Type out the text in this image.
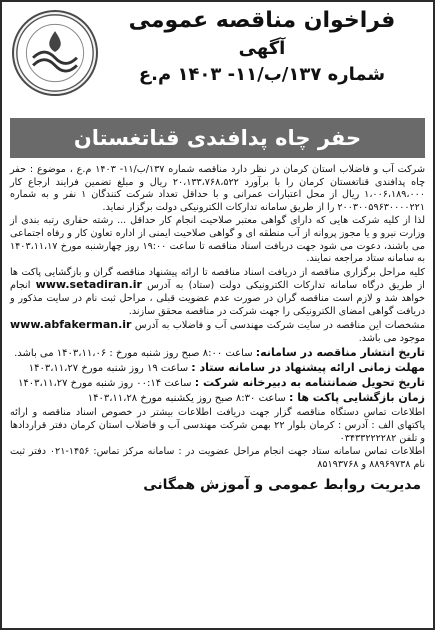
فراخوان مناقصه عمومی
آگهی
شماره ۱۳۷/ب/۱۱- ۱۴۰۳ م.ع
حفر چاه پدافندی قناتغستان
شرکت آب و فاضلاب استان کرمان در نظر دارد مناقصه شماره ۱۳۷/ب/۱۱- ۱۴۰۳ م.ع ، موضوع : حفر چاه پدافندی قناتغستان کرمان را با برآورد ۲۰،۱۳۳،۷۶۸،۵۲۲ ریال و مبلغ تضمین فرایند ارجاع کار ۱،۰۰۶،۱۸۹،۰۰۰ ریال از محل اعتبارات عمرانی و با حداقل تعداد شرکت کنندگان ۱ نفر و به شماره ۲۰۰۳۰۰۵۹۶۳۰۰۰۰۲۲۱ را از طریق سامانه تدارکات الکترونیکی دولت برگزار نماید.
لذا از کلیه شرکت هایی که دارای گواهی معتبر صلاحیت انجام کار حداقل ... رشته حفاری رتبه بندی از وزارت نیرو و یا مجوز پروانه از آب منطقه ای و گواهی صلاحیت ایمنی از اداره تعاون کار و رفاه اجتماعی می باشند، دعوت می شود جهت دریافت اسناد مناقصه تا ساعت ۱۹:۰۰ روز چهارشنبه مورخ ۱۴۰۳،۱۱،۱۷ به سامانه ستاد مراجعه نمایند.
کلیه مراحل برگزاری مناقصه از دریافت اسناد مناقصه تا ارائه پیشنهاد مناقصه گران و بازگشایی پاکت ها از طریق درگاه سامانه تدارکات الکترونیکی دولت (ستاد) به آدرس www.setadiran.ir انجام خواهد شد و لازم است مناقصه گران در صورت عدم عضویت قبلی ، مراحل ثبت نام در سایت مذکور و دریافت گواهی امضای الکترونیکی را جهت شرکت در مناقصه محقق سازند.
مشخصات این مناقصه در سایت شرکت مهندسی آب و فاضلاب به آدرس www.abfakerman.ir موجود می باشد.
تاریخ انتشار مناقصه در سامانه: ساعت ۸:۰۰ صبح روز شنبه مورخ : ۱۴۰۳،۱۱،۰۶ می باشد.
مهلت زمانی ارائه پیشنهاد در سامانه ستاد : ساعت ۱۹ روز شنبه مورخ ۱۴۰۳،۱۱،۲۷
تاریخ تحویل ضمانتنامه به دبیرخانه شرکت : ساعت ۰۰:۱۴ روز شنبه مورخ ۱۴۰۳،۱۱،۲۷
زمان بازگشایی پاکت ها : ساعت ۸:۳۰ صبح روز یکشنبه مورخ ۱۴۰۳،۱۱،۲۸
اطلاعات تماس دستگاه مناقصه گزار جهت دریافت اطلاعات بیشتر در خصوص اسناد مناقصه و ارائه پاکتهای الف : آدرس : کرمان بلوار ۲۲ بهمن شرکت مهندسی آب و فاضلاب استان کرمان دفتر قراردادها و تلفن ۰۳۴۳۳۲۲۲۲۸۲
اطلاعات تماس سامانه ستاد جهت انجام مراحل عضویت در : سامانه مرکز تماس: ۱۴۵۶-۰۲۱ دفتر ثبت نام ۸۸۹۶۹۷۳۸ و ۸۵۱۹۳۷۶۸
مدیریت روابط عمومی و آموزش همگانی
